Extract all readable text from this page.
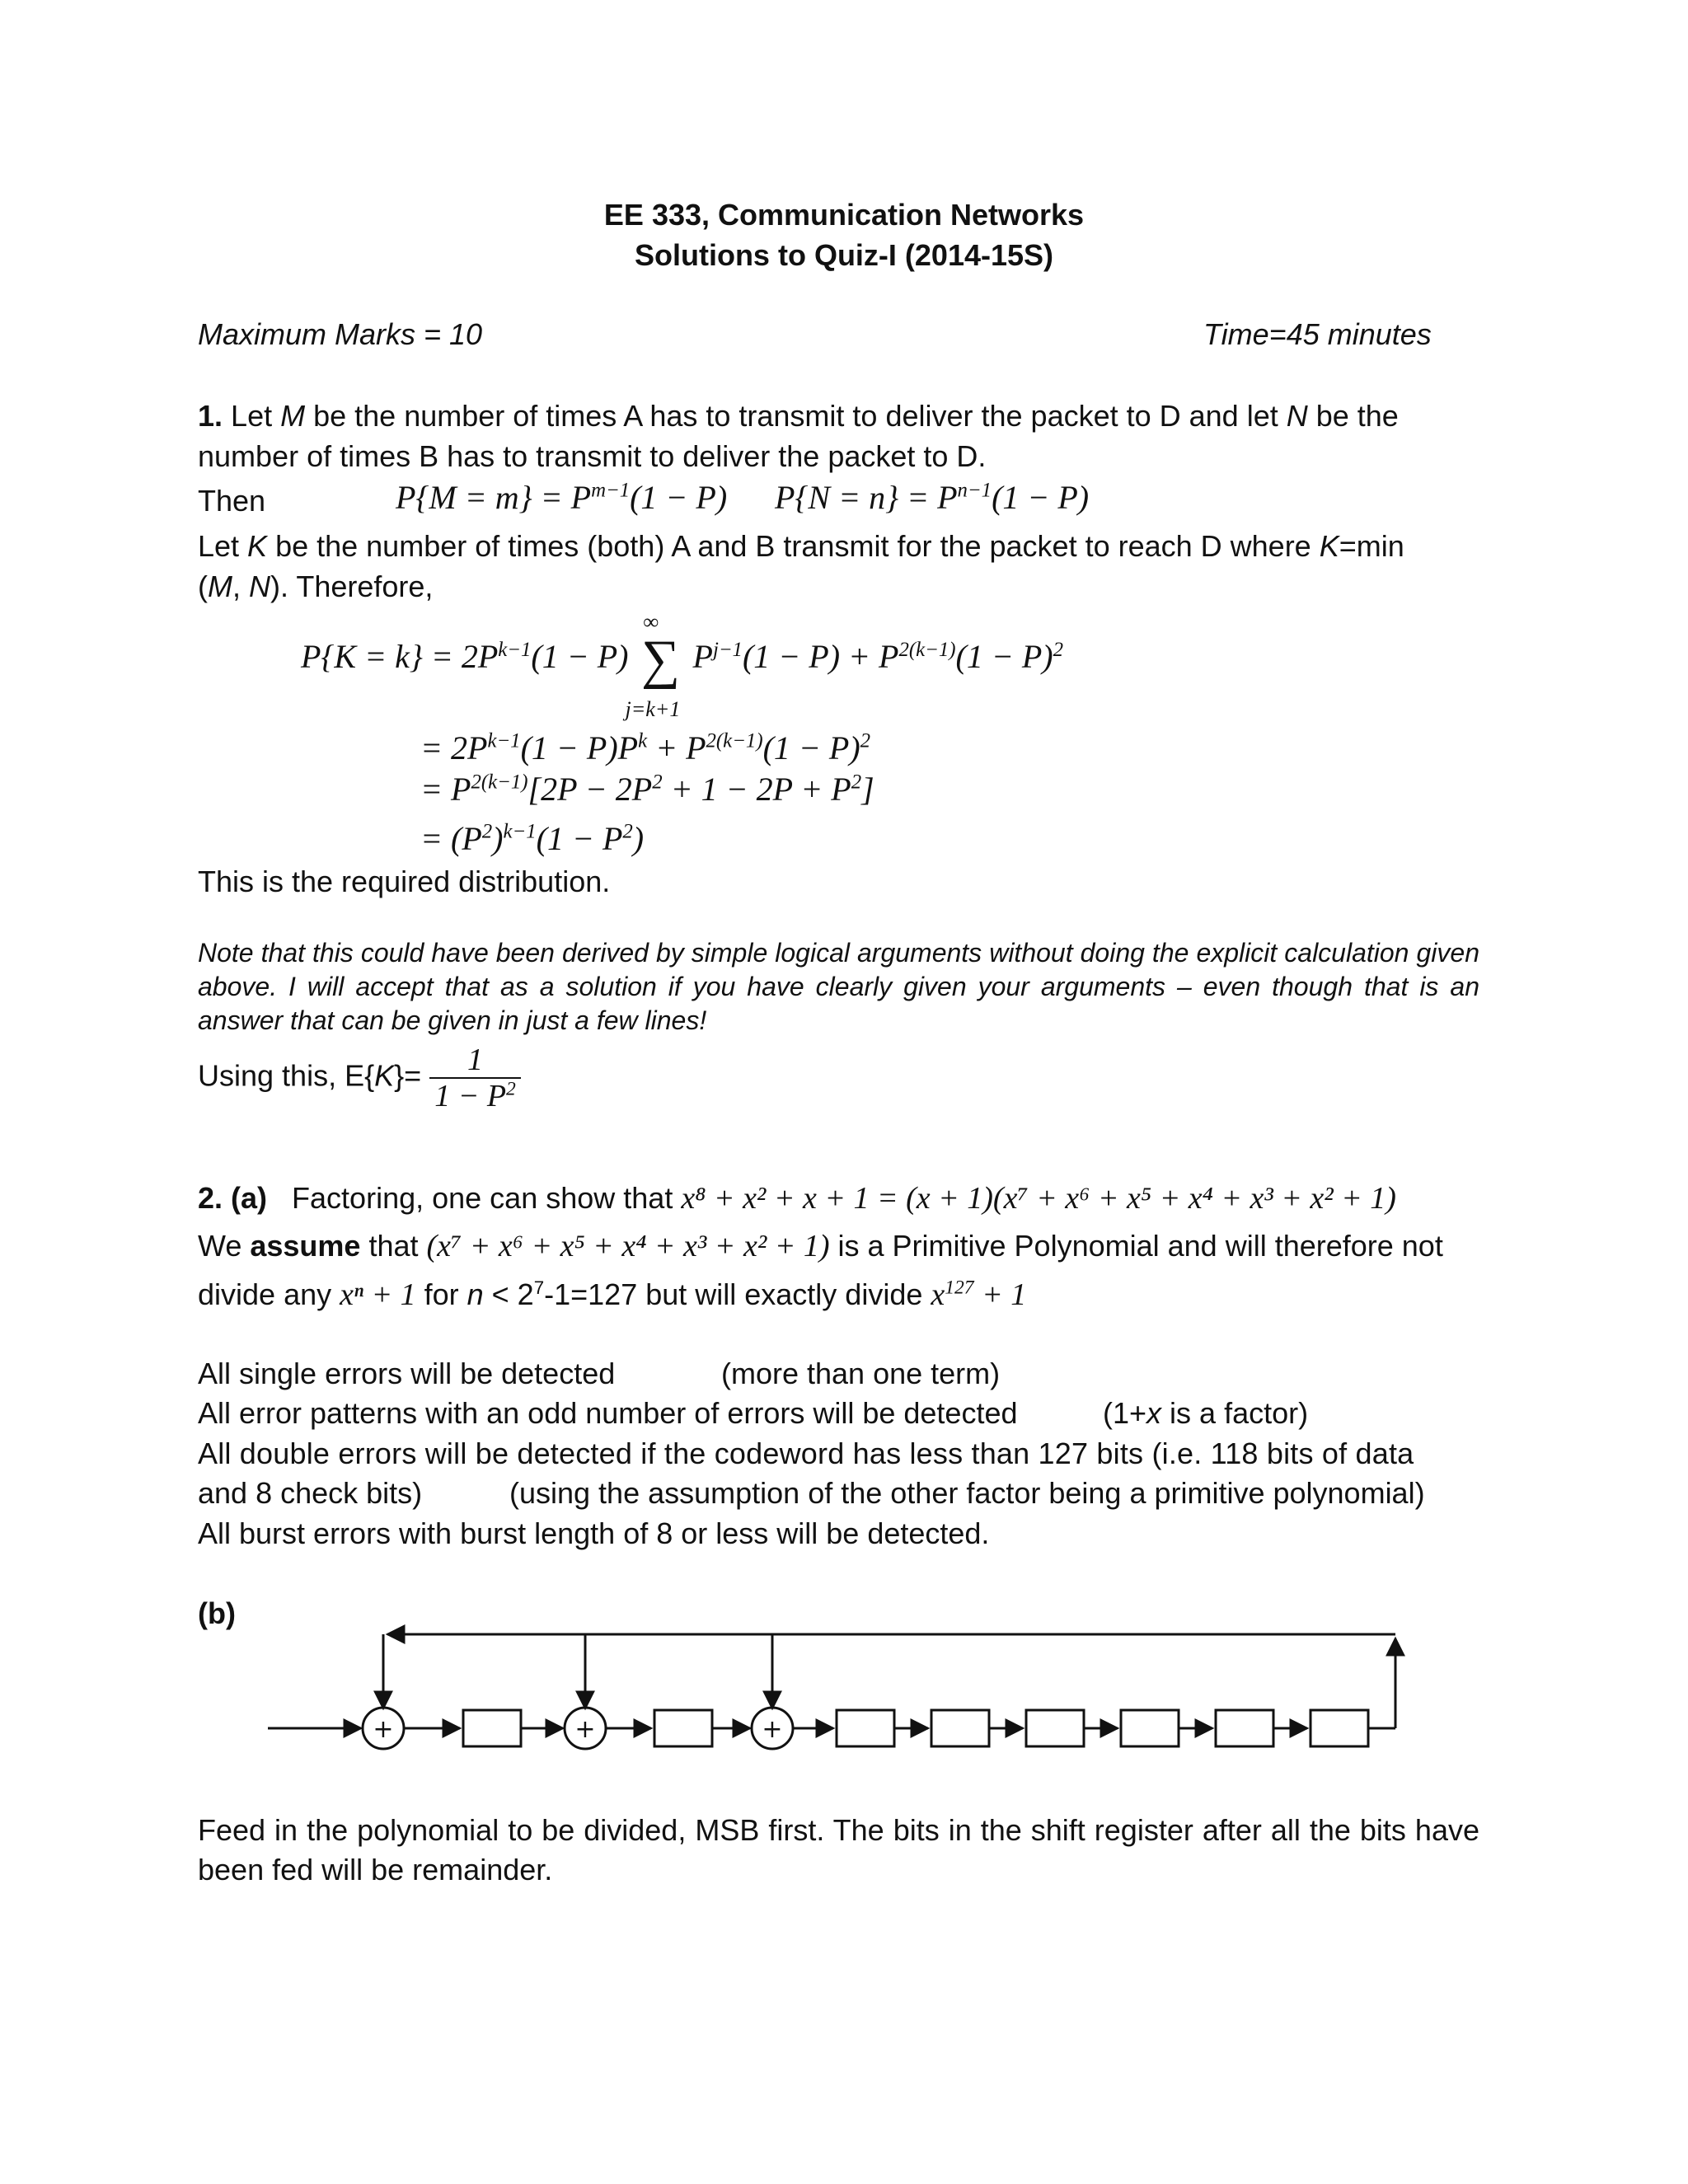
EE 333, Communication Networks
Solutions to Quiz-I (2014-15S)
Maximum Marks = 10	Time=45 minutes
1. Let M be the number of times A has to transmit to deliver the packet to D and let N be the
number of times B has to transmit to deliver the packet to D.
Then	$P\{M = m\} = P^{m-1}(1 - P) P\{N = n\} = P^{n-1}(1 - P)$
Let K be the number of times (both) A and B transmit for the packet to reach D where K=min
(M, N). Therefore,
$P\{K = k\} = 2P^{k-1}(1 - P)$
∞
∑
j=k+1
$P^{j-1}(1 - P) + P^{2(k-1)}(1 - P)^2$
= $2P^{k-1}(1 - P)P^k + P^{2(k-1)}(1 - P)^2$
= $P^{2(k-1)}[2P - 2P^2 + 1 - 2P + P^2]$
= $(P^2)^{k-1}(1 - P^2)$
This is the required distribution.
Note that this could have been derived by simple logical arguments without doing the explicit calculation given above. I will accept that as a solution if you have clearly given your arguments – even though that is an answer that can be given in just a few lines!
Using this, $E\{K\}= \frac{1}{1 - P^2}$
2. (a) Factoring, one can show that x⁸ + x² + x + 1 = (x + 1)(x⁷ + x⁶ + x⁵ + x⁴ + x³ + x² + 1)
We assume that (x⁷ + x⁶ + x⁵ + x⁴ + x³ + x² + 1) is a Primitive Polynomial and will therefore not
divide any xⁿ + 1 for $n < 2^7-1=127$ but will exactly divide $x^{127} + 1$
All single errors will be detected	(more than one term)
All error patterns with an odd number of errors will be detected	(1+x is a factor)
All double errors will be detected if the codeword has less than 127 bits (i.e. 118 bits of data
and 8 check bits)	(using the assumption of the other factor being a primitive polynomial)
All burst errors with burst length of 8 or less will be detected.
(b)
+	+	+
Feed in the polynomial to be divided, MSB first. The bits in the shift register after all the bits have been fed will be remainder.
